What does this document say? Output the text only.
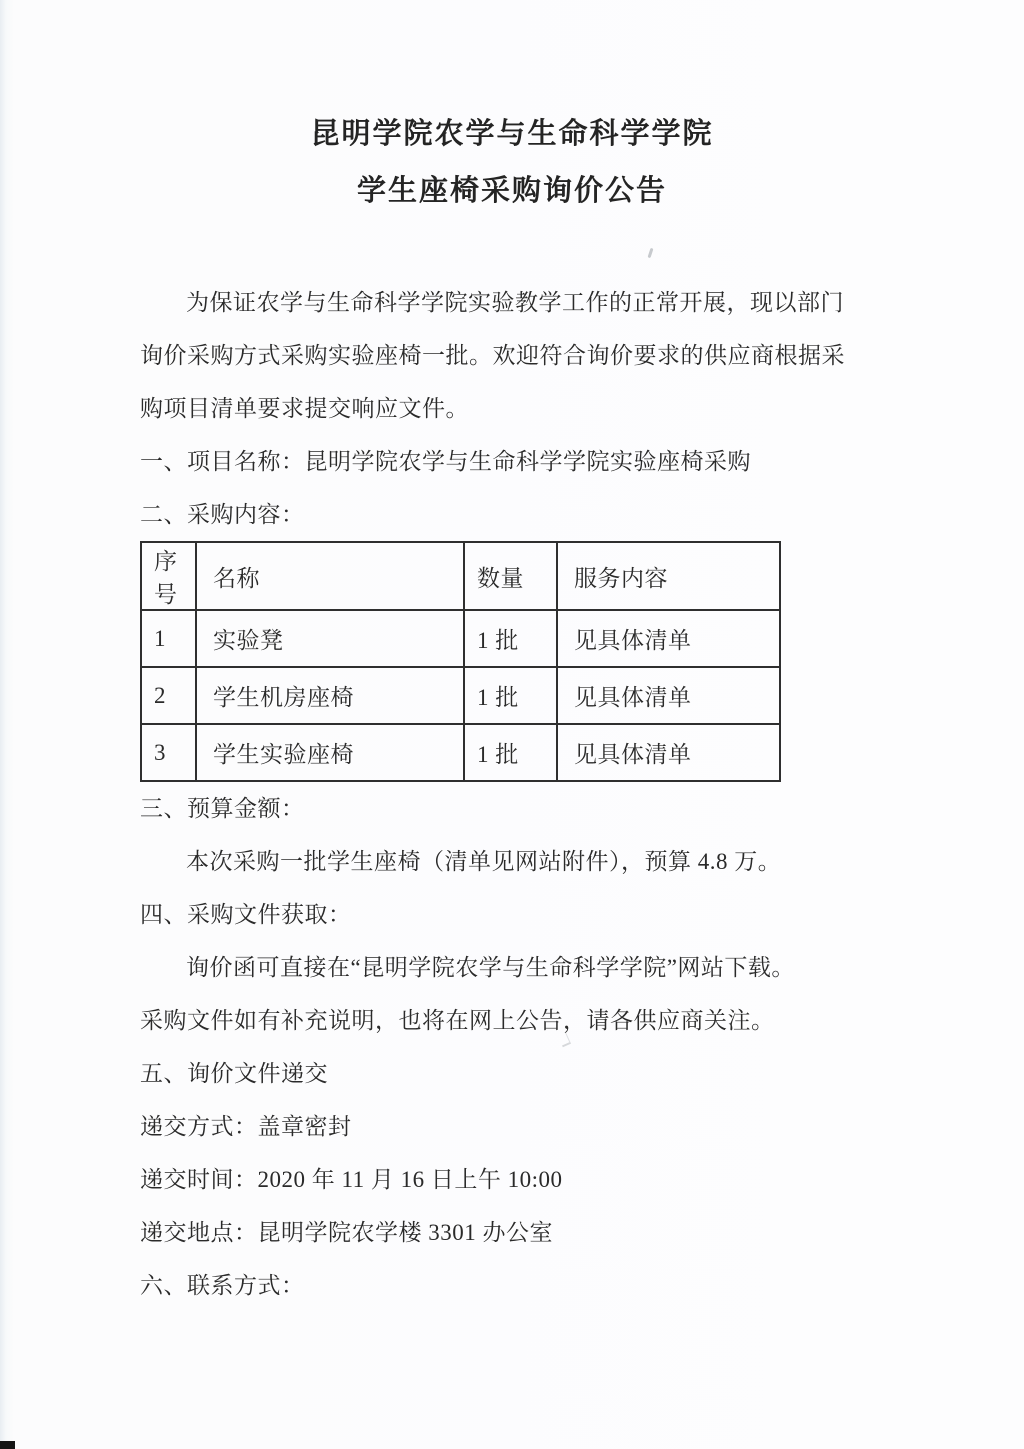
昆明学院农学与生命科学学院
学生座椅采购询价公告

为保证农学与生命科学学院实验教学工作的正常开展，现以部门

询价采购方式采购实验座椅一批。欢迎符合询价要求的供应商根据采

购项目清单要求提交响应文件。

一、项目名称：昆明学院农学与生命科学学院实验座椅采购

二、采购内容：

序号	名称	数量	服务内容
1	实验凳	1 批	见具体清单
2	学生机房座椅	1 批	见具体清单
3	学生实验座椅	1 批	见具体清单

三、预算金额：

本次采购一批学生座椅（清单见网站附件），预算 4.8 万。

四、采购文件获取：

询价函可直接在“昆明学院农学与生命科学学院”网站下载。

采购文件如有补充说明，也将在网上公告，请各供应商关注。

五、询价文件递交

递交方式：盖章密封

递交时间：2020 年 11 月 16 日上午 10:00

递交地点：昆明学院农学楼 3301 办公室

六、联系方式：
